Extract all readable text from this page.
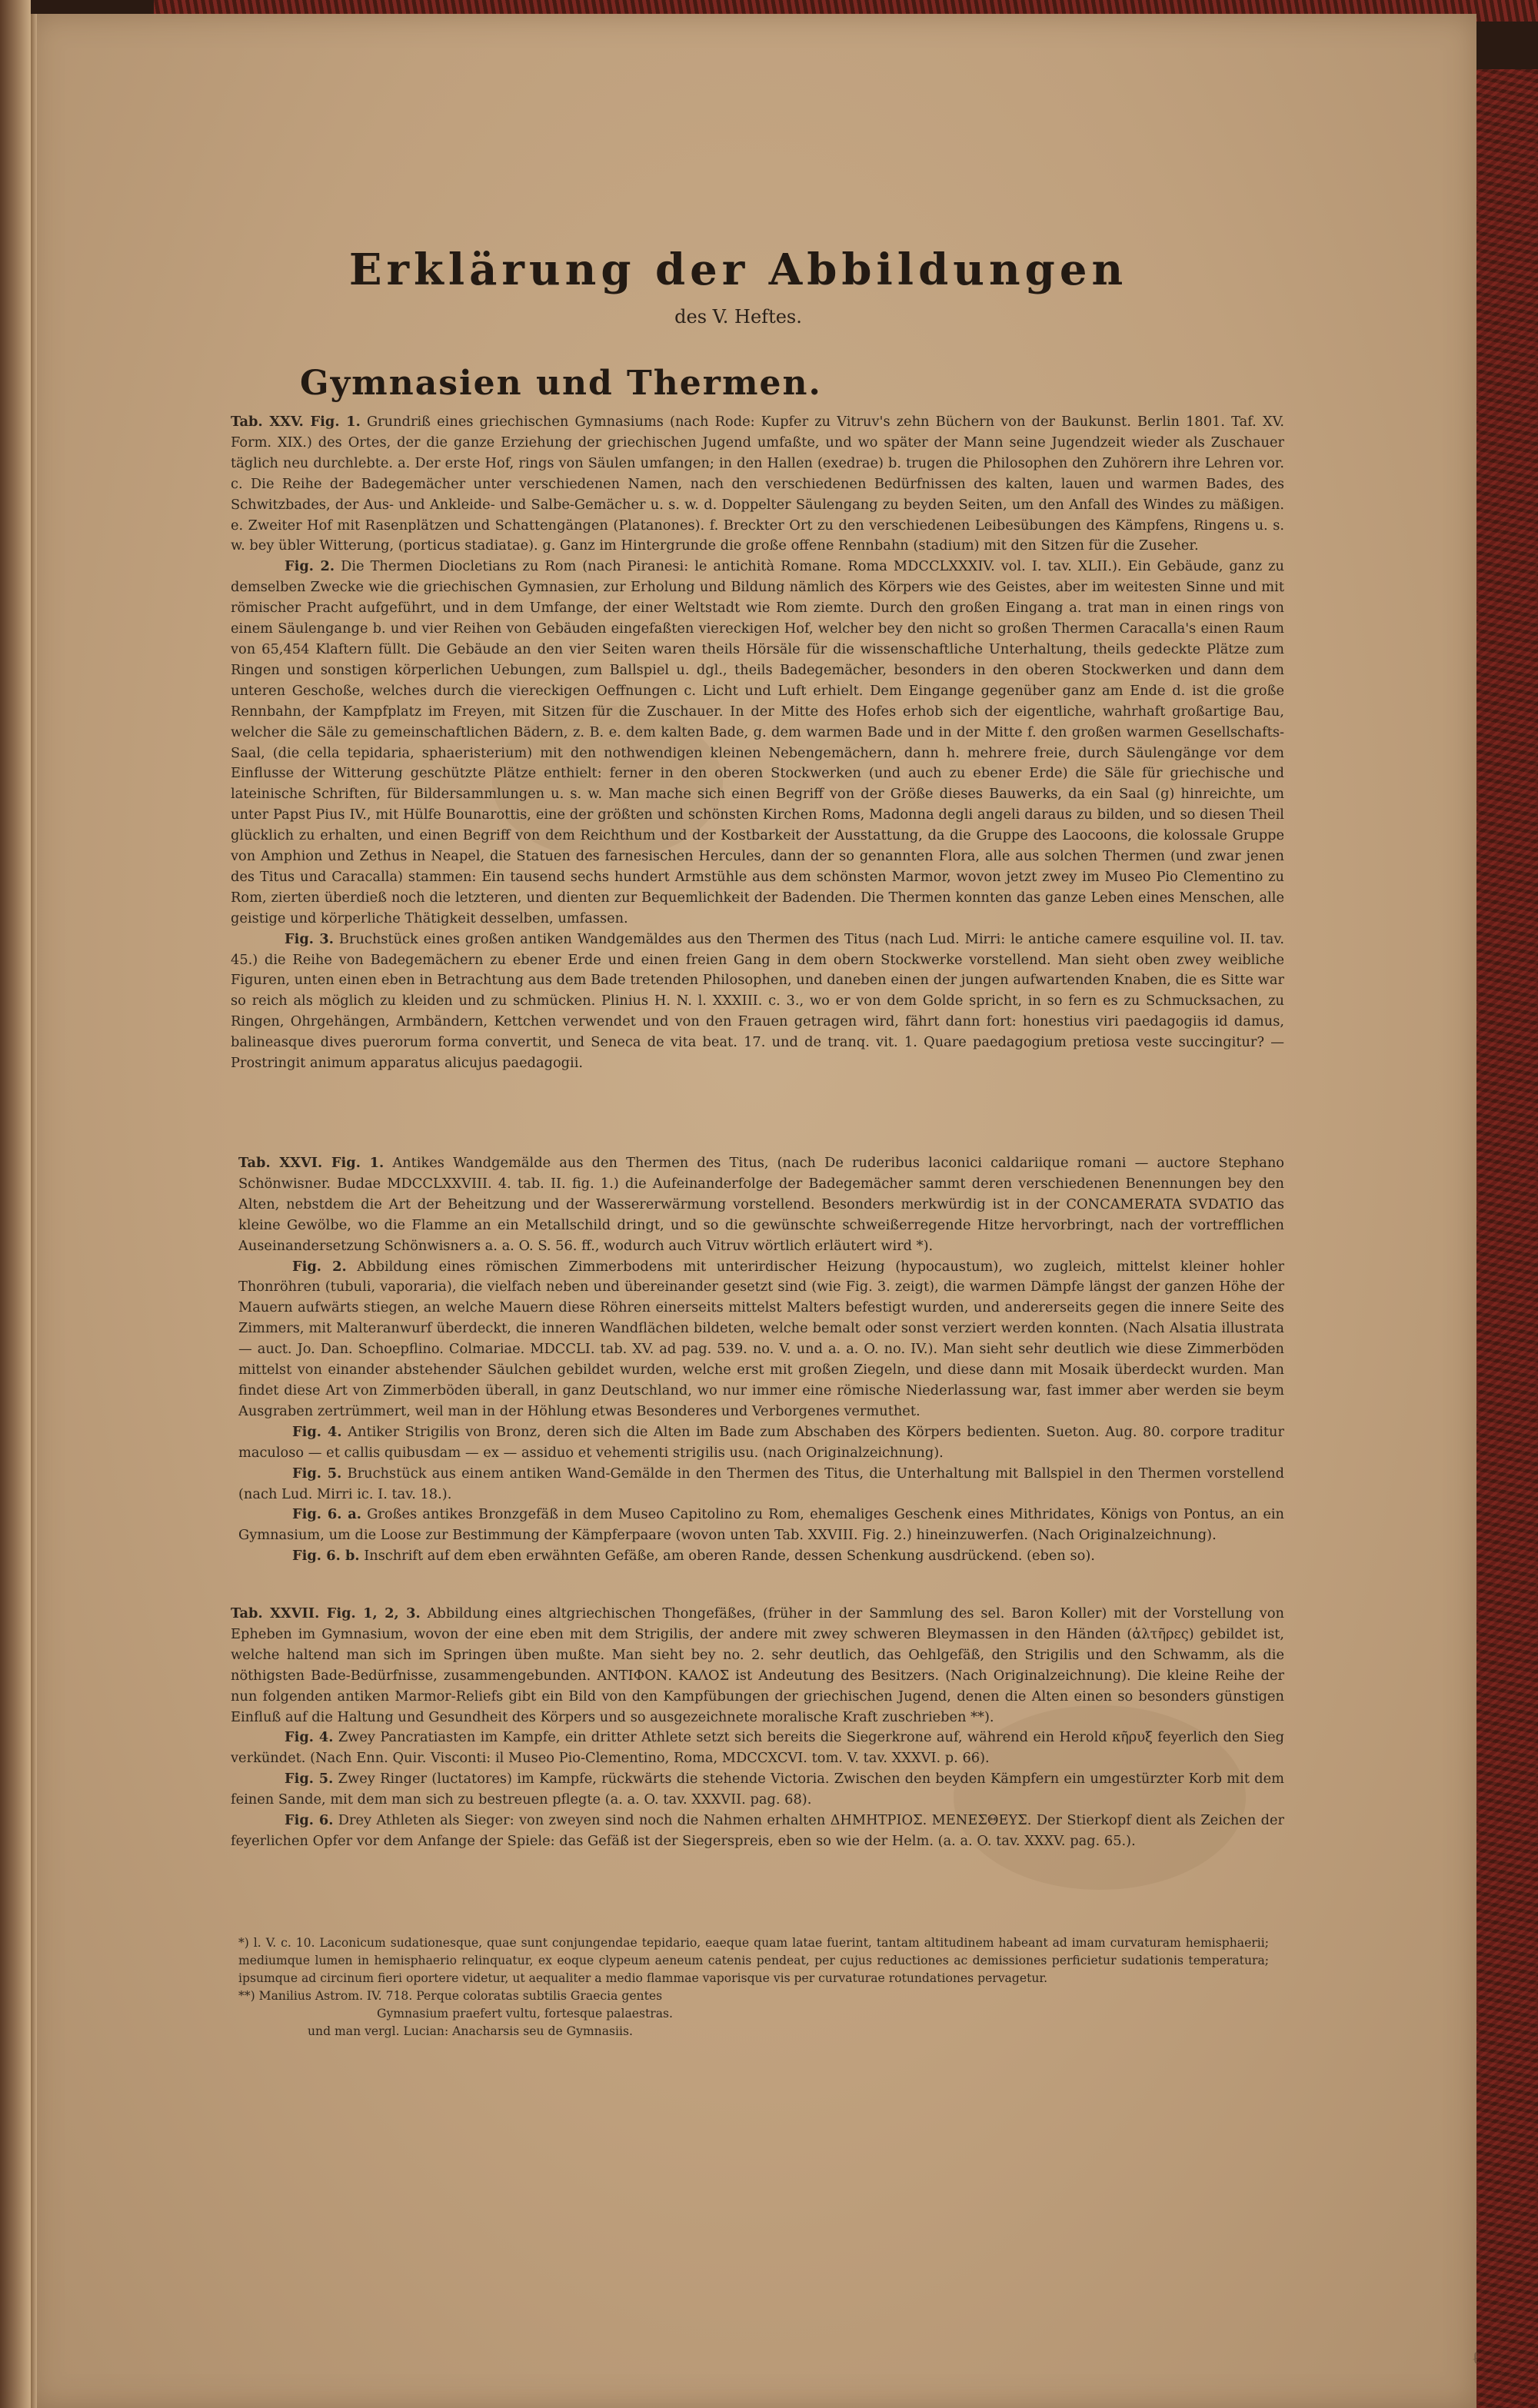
Erklärung der Abbildungen
des V. Heftes.
Gymnasien und Thermen.

Tab. XXV. Fig. 1. Grundriß eines griechischen Gymnasiums (nach Rode: Kupfer zu Vitruv's zehn Büchern von der Baukunst. Berlin 1801. Taf. XV. Form. XIX.) des Ortes, der die ganze Erziehung der griechischen Jugend umfaßte, und wo später der Mann seine Jugendzeit wieder als Zuschauer täglich neu durchlebte. a. Der erste Hof, rings von Säulen umfangen; in den Hallen (exedrae) b. trugen die Philosophen den Zuhörern ihre Lehren vor. c. Die Reihe der Badegemächer unter verschiedenen Namen, nach den verschiedenen Bedürfnissen des kalten, lauen und warmen Bades, des Schwitzbades, der Aus- und Ankleide- und Salbe-Gemächer u. s. w. d. Doppelter Säulengang zu beyden Seiten, um den Anfall des Windes zu mäßigen. e. Zweiter Hof mit Rasenplätzen und Schattengängen (Platanones). f. Breckter Ort zu den verschiedenen Leibesübungen des Kämpfens, Ringens u. s. w. bey übler Witterung, (porticus stadiatae). g. Ganz im Hintergrunde die große offene Rennbahn (stadium) mit den Sitzen für die Zuseher.

Fig. 2. Die Thermen Diocletians zu Rom (nach Piranesi: le antichità Romane. Roma MDCCLXXXIV. vol. I. tav. XLII.). Ein Gebäude, ganz zu demselben Zwecke wie die griechischen Gymnasien, zur Erholung und Bildung nämlich des Körpers wie des Geistes, aber im weitesten Sinne und mit römischer Pracht aufgeführt, und in dem Umfange, der einer Weltstadt wie Rom ziemte. Durch den großen Eingang a. trat man in einen rings von einem Säulengange b. und vier Reihen von Gebäuden eingefaßten viereckigen Hof, welcher bey den nicht so großen Thermen Caracalla's einen Raum von 65,454 Klaftern füllt. Die Gebäude an den vier Seiten waren theils Hörsäle für die wissenschaftliche Unterhaltung, theils gedeckte Plätze zum Ringen und sonstigen körperlichen Uebungen, zum Ballspiel u. dgl., theils Badegemächer, besonders in den oberen Stockwerken und dann dem unteren Geschoße, welches durch die viereckigen Oeffnungen c. Licht und Luft erhielt. Dem Eingange gegenüber ganz am Ende d. ist die große Rennbahn, der Kampfplatz im Freyen, mit Sitzen für die Zuschauer. In der Mitte des Hofes erhob sich der eigentliche, wahrhaft großartige Bau, welcher die Säle zu gemeinschaftlichen Bädern, z. B. e. dem kalten Bade, g. dem warmen Bade und in der Mitte f. den großen warmen Gesellschafts-Saal, (die cella tepidaria, sphaeristerium) mit den nothwendigen kleinen Nebengemächern, dann h. mehrere freie, durch Säulengänge vor dem Einflusse der Witterung geschützte Plätze enthielt: ferner in den oberen Stockwerken (und auch zu ebener Erde) die Säle für griechische und lateinische Schriften, für Bildersammlungen u. s. w. Man mache sich einen Begriff von der Größe dieses Bauwerks, da ein Saal (g) hinreichte, um unter Papst Pius IV., mit Hülfe Bounarottis, eine der größten und schönsten Kirchen Roms, Madonna degli angeli daraus zu bilden, und so diesen Theil glücklich zu erhalten, und einen Begriff von dem Reichthum und der Kostbarkeit der Ausstattung, da die Gruppe des Laocoons, die kolossale Gruppe von Amphion und Zethus in Neapel, die Statuen des farnesischen Hercules, dann der so genannten Flora, alle aus solchen Thermen (und zwar jenen des Titus und Caracalla) stammen: Ein tausend sechs hundert Armstühle aus dem schönsten Marmor, wovon jetzt zwey im Museo Pio Clementino zu Rom, zierten überdieß noch die letzteren, und dienten zur Bequemlichkeit der Badenden. Die Thermen konnten das ganze Leben eines Menschen, alle geistige und körperliche Thätigkeit desselben, umfassen.

Fig. 3. Bruchstück eines großen antiken Wandgemäldes aus den Thermen des Titus (nach Lud. Mirri: le antiche camere esquiline vol. II. tav. 45.) die Reihe von Badegemächern zu ebener Erde und einen freien Gang in dem obern Stockwerke vorstellend. Man sieht oben zwey weibliche Figuren, unten einen eben in Betrachtung aus dem Bade tretenden Philosophen, und daneben einen der jungen aufwartenden Knaben, die es Sitte war so reich als möglich zu kleiden und zu schmücken. Plinius H. N. l. XXXIII. c. 3., wo er von dem Golde spricht, in so fern es zu Schmucksachen, zu Ringen, Ohrgehängen, Armbändern, Kettchen verwendet und von den Frauen getragen wird, fährt dann fort: honestius viri paedagogiis id damus, balineasque dives puerorum forma convertit, und Seneca de vita beat. 17. und de tranq. vit. 1. Quare paedagogium pretiosa veste succingitur? — Prostringit animum apparatus alicujus paedagogii.

Tab. XXVI. Fig. 1. Antikes Wandgemälde aus den Thermen des Titus, (nach De ruderibus laconici caldariique romani — auctore Stephano Schönwisner. Budae MDCCLXXVIII. 4. tab. II. fig. 1.) die Aufeinanderfolge der Badegemächer sammt deren verschiedenen Benennungen bey den Alten, nebstdem die Art der Beheitzung und der Wassererwärmung vorstellend. Besonders merkwürdig ist in der CONCAMERATA SVDATIO das kleine Gewölbe, wo die Flamme an ein Metallschild dringt, und so die gewünschte schweißerregende Hitze hervorbringt, nach der vortrefflichen Auseinandersetzung Schönwisners a. a. O. S. 56. ff., wodurch auch Vitruv wörtlich erläutert wird *).

Fig. 2. Abbildung eines römischen Zimmerbodens mit unterirdischer Heizung (hypocaustum), wo zugleich, mittelst kleiner hohler Thonröhren (tubuli, vaporaria), die vielfach neben und übereinander gesetzt sind (wie Fig. 3. zeigt), die warmen Dämpfe längst der ganzen Höhe der Mauern aufwärts stiegen, an welche Mauern diese Röhren einerseits mittelst Malters befestigt wurden, und andererseits gegen die innere Seite des Zimmers, mit Malteranwurf überdeckt, die inneren Wandflächen bildeten, welche bemalt oder sonst verziert werden konnten. (Nach Alsatia illustrata — auct. Jo. Dan. Schoepflino. Colmariae. MDCCLI. tab. XV. ad pag. 539. no. V. und a. a. O. no. IV.). Man sieht sehr deutlich wie diese Zimmerböden mittelst von einander abstehender Säulchen gebildet wurden, welche erst mit großen Ziegeln, und diese dann mit Mosaik überdeckt wurden. Man findet diese Art von Zimmerböden überall, in ganz Deutschland, wo nur immer eine römische Niederlassung war, fast immer aber werden sie beym Ausgraben zertrümmert, weil man in der Höhlung etwas Besonderes und Verborgenes vermuthet.

Fig. 4. Antiker Strigilis von Bronz, deren sich die Alten im Bade zum Abschaben des Körpers bedienten. Sueton. Aug. 80. corpore traditur maculoso — et callis quibusdam — ex — assiduo et vehementi strigilis usu. (nach Originalzeichnung).

Fig. 5. Bruchstück aus einem antiken Wand-Gemälde in den Thermen des Titus, die Unterhaltung mit Ballspiel in den Thermen vorstellend (nach Lud. Mirri ic. I. tav. 18.).

Fig. 6. a. Großes antikes Bronzgefäß in dem Museo Capitolino zu Rom, ehemaliges Geschenk eines Mithridates, Königs von Pontus, an ein Gymnasium, um die Loose zur Bestimmung der Kämpferpaare (wovon unten Tab. XXVIII. Fig. 2.) hineinzuwerfen. (Nach Originalzeichnung).

Fig. 6. b. Inschrift auf dem eben erwähnten Gefäße, am oberen Rande, dessen Schenkung ausdrückend. (eben so).

Tab. XXVII. Fig. 1, 2, 3. Abbildung eines altgriechischen Thongefäßes, (früher in der Sammlung des sel. Baron Koller) mit der Vorstellung von Epheben im Gymnasium, wovon der eine eben mit dem Strigilis, der andere mit zwey schweren Bleymassen in den Händen (ἁλτῆρες) gebildet ist, welche haltend man sich im Springen üben mußte. Man sieht bey no. 2. sehr deutlich, das Oehlgefäß, den Strigilis und den Schwamm, als die nöthigsten Bade-Bedürfnisse, zusammengebunden. ΑΝΤΙΦΟΝ. ΚΑΛΟΣ ist Andeutung des Besitzers. (Nach Originalzeichnung). Die kleine Reihe der nun folgenden antiken Marmor-Reliefs gibt ein Bild von den Kampfübungen der griechischen Jugend, denen die Alten einen so besonders günstigen Einfluß auf die Haltung und Gesundheit des Körpers und so ausgezeichnete moralische Kraft zuschrieben **).

Fig. 4. Zwey Pancratiasten im Kampfe, ein dritter Athlete setzt sich bereits die Siegerkrone auf, während ein Herold κῆρυξ feyerlich den Sieg verkündet. (Nach Enn. Quir. Visconti: il Museo Pio-Clementino, Roma, MDCCXCVI. tom. V. tav. XXXVI. p. 66).

Fig. 5. Zwey Ringer (luctatores) im Kampfe, rückwärts die stehende Victoria. Zwischen den beyden Kämpfern ein umgestürzter Korb mit dem feinen Sande, mit dem man sich zu bestreuen pflegte (a. a. O. tav. XXXVII. pag. 68).

Fig. 6. Drey Athleten als Sieger: von zweyen sind noch die Nahmen erhalten ΔΗΜΗΤΡΙΟΣ. ΜΕΝΕΣΘΕΥΣ. Der Stierkopf dient als Zeichen der feyerlichen Opfer vor dem Anfange der Spiele: das Gefäß ist der Siegerspreis, eben so wie der Helm. (a. a. O. tav. XXXV. pag. 65.).

*) l. V. c. 10. Laconicum sudationesque, quae sunt conjungendae tepidario, eaeque quam latae fuerint, tantam altitudinem habeant ad imam curvaturam hemisphaerii; mediumque lumen in hemisphaerio relinquatur, ex eoque clypeum aeneum catenis pendeat, per cujus reductiones ac demissiones perficietur sudationis temperatura; ipsumque ad circinum fieri oportere videtur, ut aequaliter a medio flammae vaporisque vis per curvaturae rotundationes pervagetur.

**) Manilius Astrom. IV. 718. Perque coloratas subtilis Graecia gentes

Gymnasium praefert vultu, fortesque palaestras.

und man vergl. Lucian: Anacharsis seu de Gymnasiis.

ℓ
